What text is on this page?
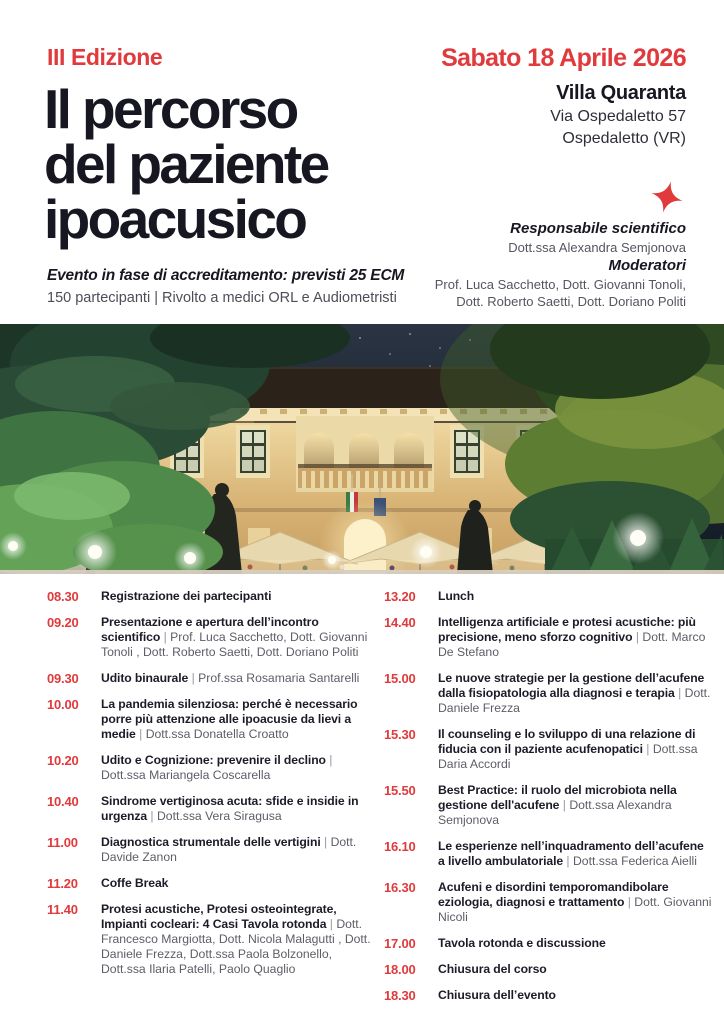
III Edizione
Il percorso
del paziente
ipoacusico
Evento in fase di accreditamento: previsti 25 ECM
150 partecipanti | Rivolto a medici ORL e Audiometristi
Sabato 18 Aprile 2026
Villa Quaranta
Via Ospedaletto 57
Ospedaletto (VR)
Responsabile scientifico
Dott.ssa Alexandra Semjonova
Moderatori
Prof. Luca Sacchetto, Dott. Giovanni Tonoli,
Dott. Roberto Saetti, Dott. Doriano Politi
08.30	Registrazione dei partecipanti

09.20	Presentazione e apertura dell’incontro scientifico | Prof. Luca Sacchetto, Dott. Giovanni Tonoli , Dott. Roberto Saetti, Dott. Doriano Politi

09.30	Udito binaurale | Prof.ssa Rosamaria Santarelli

10.00	La pandemia silenziosa: perché è necessario porre più attenzione alle ipoacusie da lievi a medie | Dott.ssa Donatella Croatto

10.20	Udito e Cognizione: prevenire il declino | Dott.ssa Mariangela Coscarella

10.40	Sindrome vertiginosa acuta: sfide e insidie in urgenza | Dott.ssa Vera Siragusa

11.00	Diagnostica strumentale delle vertigini | Dott. Davide Zanon

11.20	Coffe Break

11.40	Protesi acustiche, Protesi osteointegrate, Impianti cocleari: 4 Casi Tavola rotonda | Dott. Francesco Margiotta, Dott. Nicola Malagutti , Dott. Daniele Frezza, Dott.ssa Paola Bolzonello, Dott.ssa Ilaria Patelli, Paolo Quaglio

13.20	Lunch

14.40	Intelligenza artificiale e protesi acustiche: più precisione, meno sforzo cognitivo | Dott. Marco De Stefano

15.00	Le nuove strategie per la gestione dell’acufene dalla fisiopatologia alla diagnosi e terapia | Dott. Daniele Frezza

15.30	Il counseling e lo sviluppo di una relazione di fiducia con il paziente acufenopatici | Dott.ssa Daria Accordi

15.50	Best Practice: il ruolo del microbiota nella gestione dell'acufene | Dott.ssa Alexandra Semjonova

16.10	Le esperienze nell’inquadramento dell’acufene a livello ambulatoriale | Dott.ssa Federica Aielli

16.30	Acufeni e disordini temporomandibolare eziologia, diagnosi e trattamento | Dott. Giovanni Nicoli

17.00	Tavola rotonda e discussione

18.00	Chiusura del corso

18.30	Chiusura dell’evento
